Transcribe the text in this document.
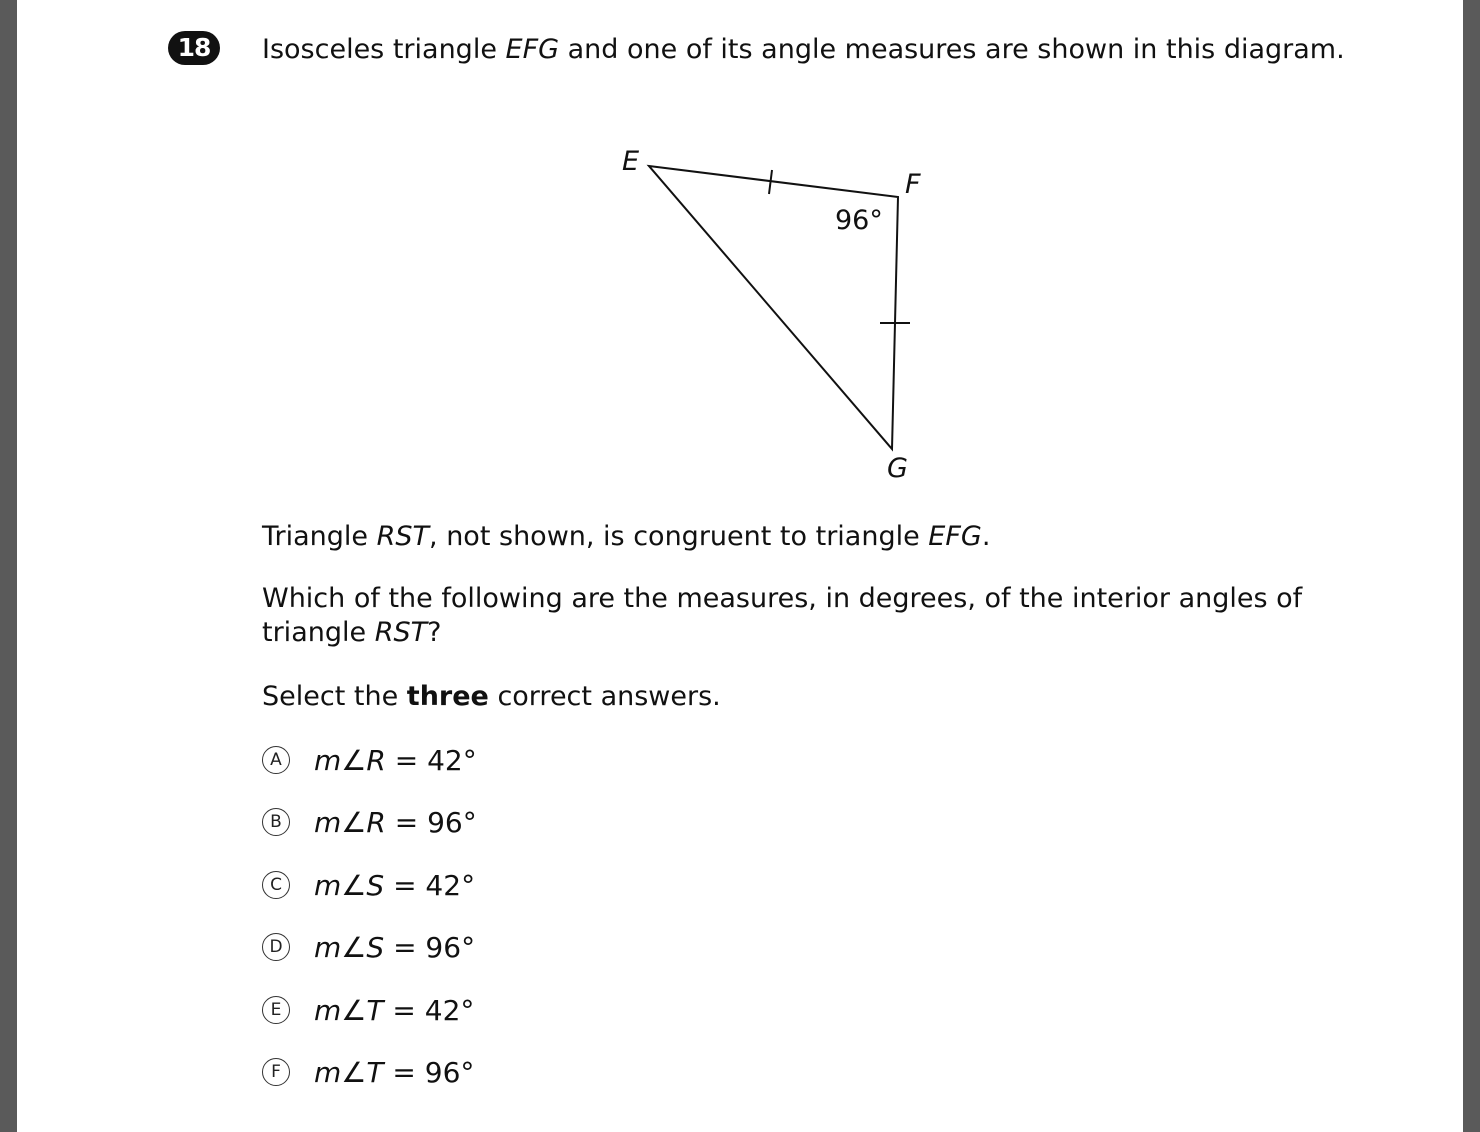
18	Isosceles triangle EFG and one of its angle measures are shown in this diagram.
E
F
G
96°
Triangle RST, not shown, is congruent to triangle EFG.
Which of the following are the measures, in degrees, of the interior angles of triangle RST?
Select the three correct answers.
A m∠R = 42°
B m∠R = 96°
C m∠S = 42°
D m∠S = 96°
E	m∠T = 42°
F	m∠T = 96°
